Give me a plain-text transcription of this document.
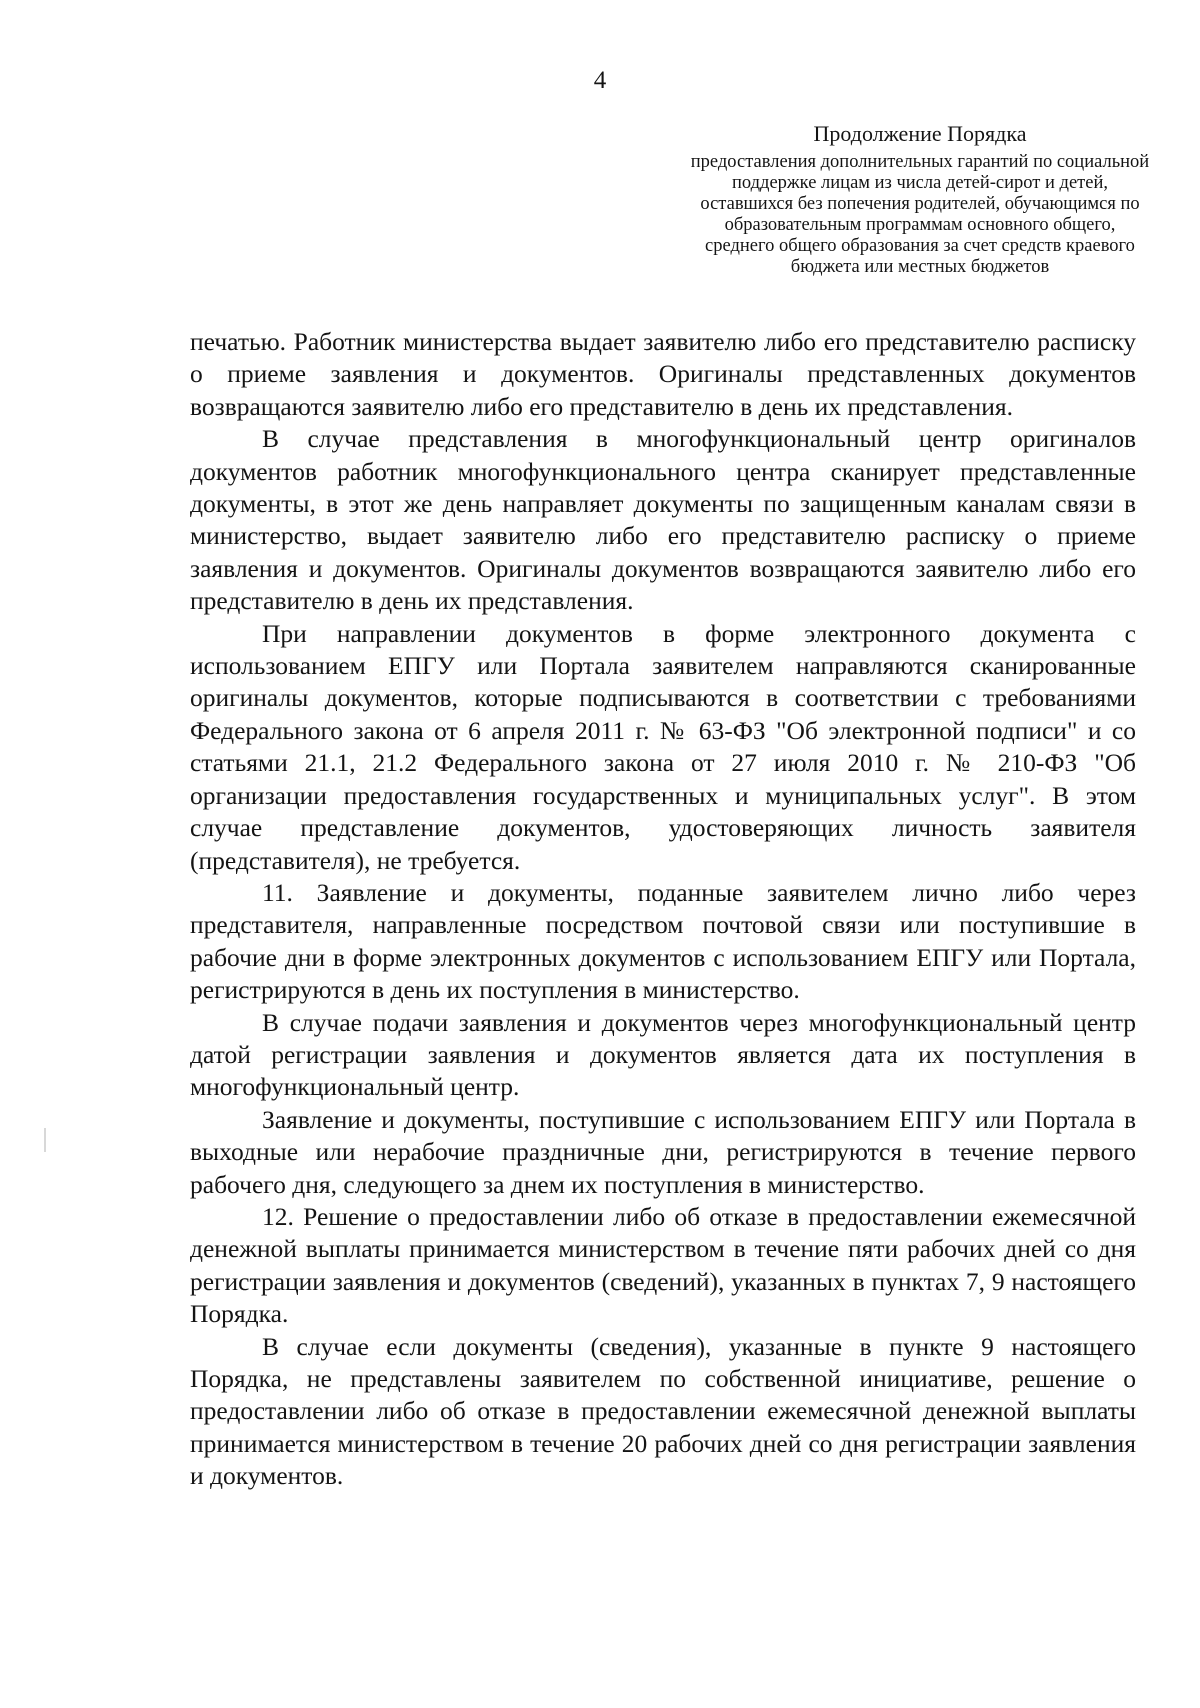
4

Продолжение Порядка

предоставления дополнительных гарантий по социальной поддержке лицам из числа детей-сирот и детей, оставшихся без попечения родителей, обучающимся по образовательным программам основного общего, среднего общего образования за счет средств краевого бюджета или местных бюджетов

печатью. Работник министерства выдает заявителю либо его представителю расписку о приеме заявления и документов. Оригиналы представленных документов возвращаются заявителю либо его представителю в день их представления.

В случае представления в многофункциональный центр оригиналов документов работник многофункционального центра сканирует представленные документы, в этот же день направляет документы по защищенным каналам связи в министерство, выдает заявителю либо его представителю расписку о приеме заявления и документов. Оригиналы документов возвращаются заявителю либо его представителю в день их представления.

При направлении документов в форме электронного документа с использованием ЕПГУ или Портала заявителем направляются сканированные оригиналы документов, которые подписываются в соответствии с требованиями Федерального закона от 6 апреля 2011 г. № 63-ФЗ "Об электронной подписи" и со статьями 21.1, 21.2 Федерального закона от 27 июля 2010 г. № 210-ФЗ "Об организации предоставления государственных и муниципальных услуг". В этом случае представление документов, удостоверяющих личность заявителя (представителя), не требуется.

11. Заявление и документы, поданные заявителем лично либо через представителя, направленные посредством почтовой связи или поступившие в рабочие дни в форме электронных документов с использованием ЕПГУ или Портала, регистрируются в день их поступления в министерство.

В случае подачи заявления и документов через многофункциональный центр датой регистрации заявления и документов является дата их поступления в многофункциональный центр.

Заявление и документы, поступившие с использованием ЕПГУ или Портала в выходные или нерабочие праздничные дни, регистрируются в течение первого рабочего дня, следующего за днем их поступления в министерство.

12. Решение о предоставлении либо об отказе в предоставлении ежемесячной денежной выплаты принимается министерством в течение пяти рабочих дней со дня регистрации заявления и документов (сведений), указанных в пунктах 7, 9 настоящего Порядка.

В случае если документы (сведения), указанные в пункте 9 настоящего Порядка, не представлены заявителем по собственной инициативе, решение о предоставлении либо об отказе в предоставлении ежемесячной денежной выплаты принимается министерством в течение 20 рабочих дней со дня регистрации заявления и документов.
